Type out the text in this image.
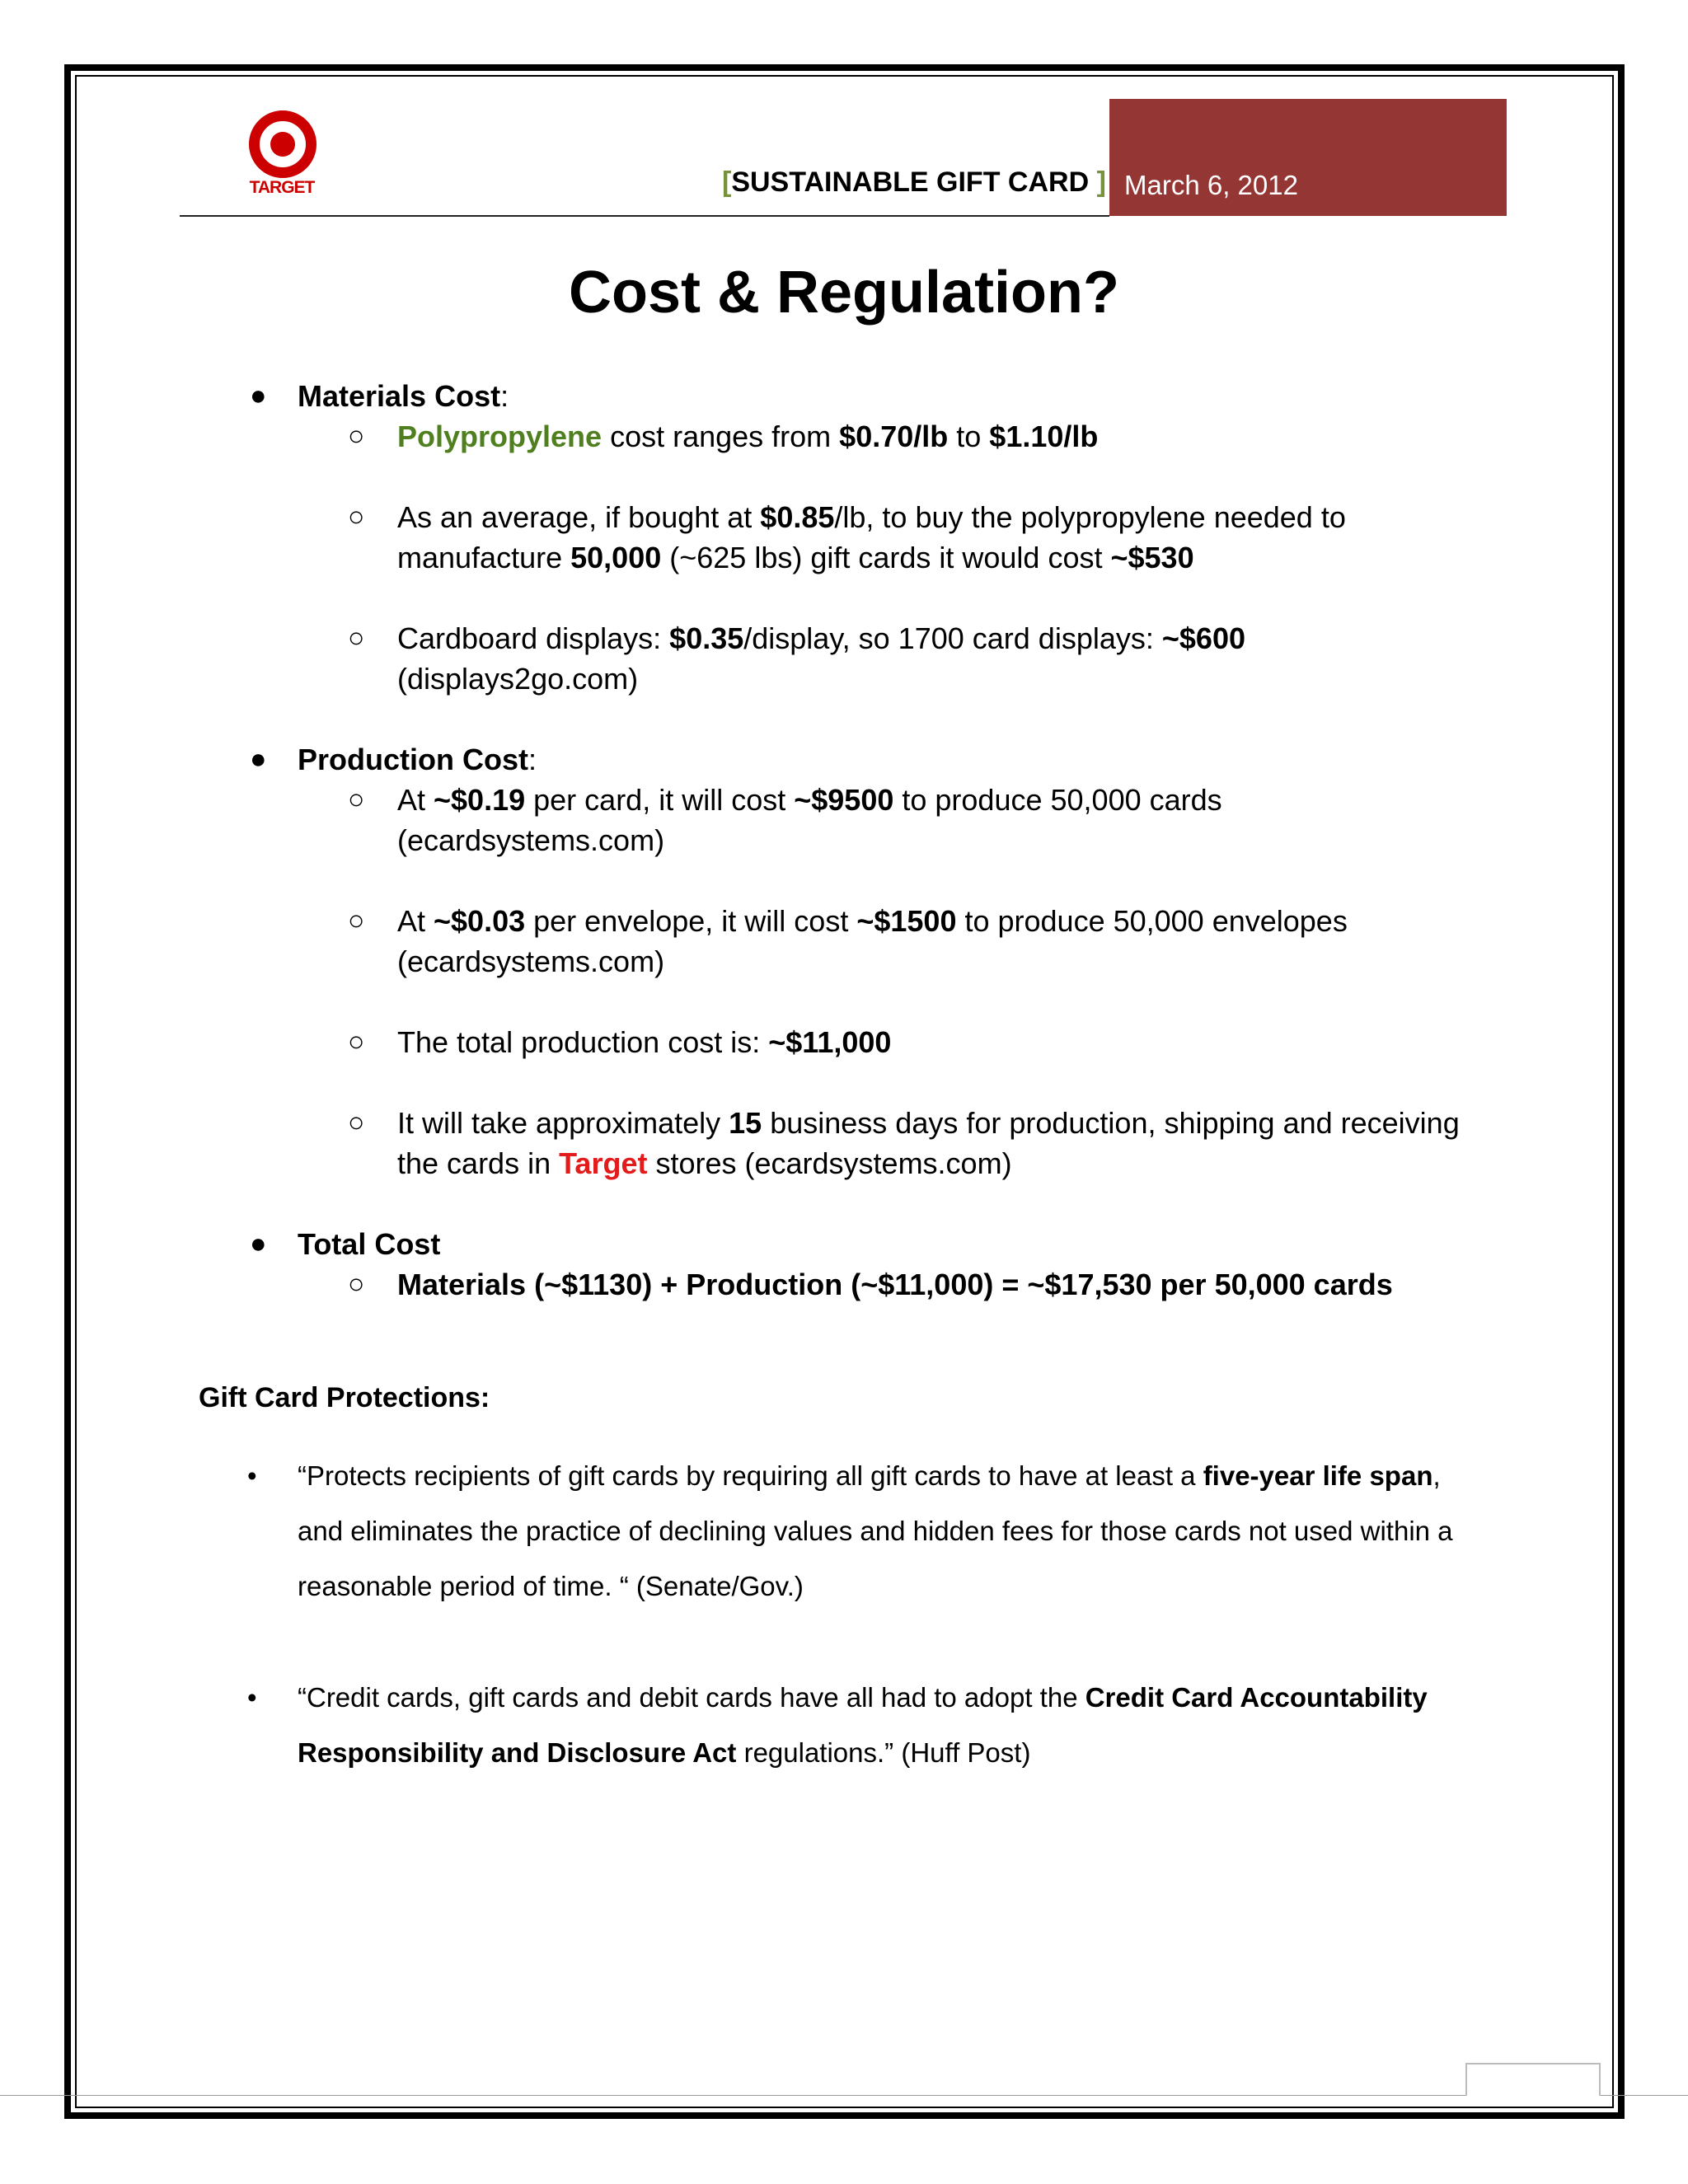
TARGET	[SUSTAINABLE GIFT CARD ] March 6, 2012
Cost & Regulation?
● Materials Cost:
○ Polypropylene cost ranges from $0.70/lb to $1.10/lb
○ As an average, if bought at $0.85/lb, to buy the polypropylene needed to
manufacture 50,000 (~625 lbs) gift cards it would cost ~$530
○ Cardboard displays: $0.35/display, so 1700 card displays: ~$600
(displays2go.com)
● Production Cost:
○ At ~$0.19 per card, it will cost ~$9500 to produce 50,000 cards
(ecardsystems.com)
○ At ~$0.03 per envelope, it will cost ~$1500 to produce 50,000 envelopes
(ecardsystems.com)
○ The total production cost is: ~$11,000
○ It will take approximately 15 business days for production, shipping and receiving
the cards in Target stores (ecardsystems.com)
● Total Cost
○ Materials (~$1130) + Production (~$11,000) = ~$17,530 per 50,000 cards
Gift Card Protections:
• “Protects recipients of gift cards by requiring all gift cards to have at least a five-year life span,
and eliminates the practice of declining values and hidden fees for those cards not used within a
reasonable period of time. “ (Senate/Gov.)
• “Credit cards, gift cards and debit cards have all had to adopt the Credit Card Accountability
Responsibility and Disclosure Act regulations.” (Huff Post)
